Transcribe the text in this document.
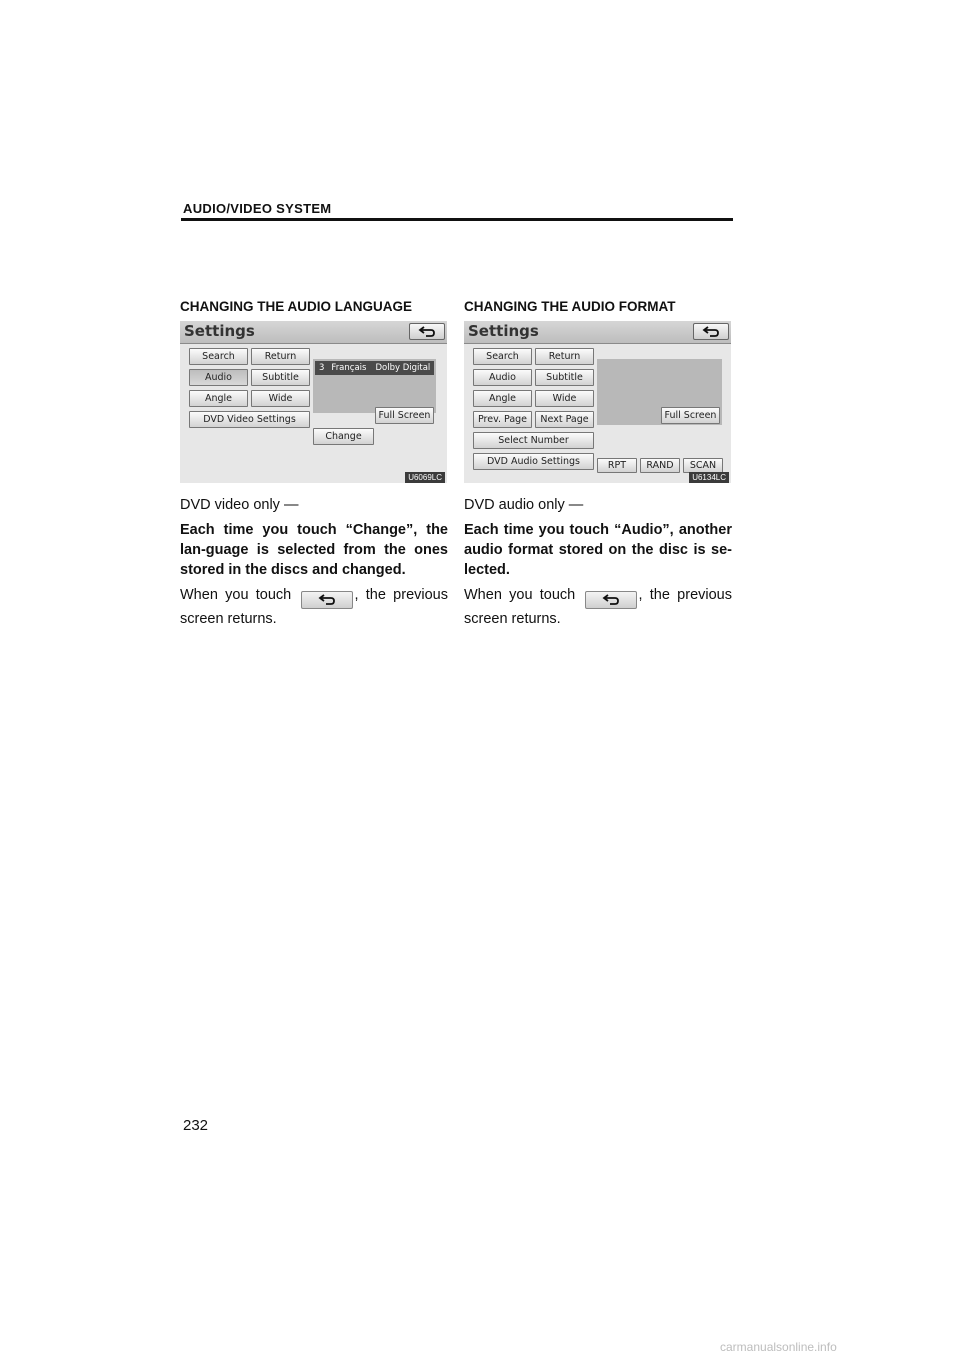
AUDIO/VIDEO SYSTEM
CHANGING THE AUDIO LANGUAGE
Settings
Search	Return
Audio	Subtitle
Angle	Wide
DVD Video Settings
3 Français Dolby Digital
Full Screen
Change
U6069LC

DVD video only —

Each time you touch “Change”, the lan-guage is selected from the ones stored in the discs and changed.

When you touch	, the previous screen returns.

CHANGING THE AUDIO FORMAT
Settings
Search	Return
Audio	Subtitle
Angle	Wide
Prev. Page	Next Page
Select Number
DVD Audio Settings
Full Screen
RPT	RAND	SCAN
U6134LC

DVD audio only —

Each time you touch “Audio”, another audio format stored on the disc is se-lected.

When you touch	, the previous screen returns.

232
carmanualsonline.info
